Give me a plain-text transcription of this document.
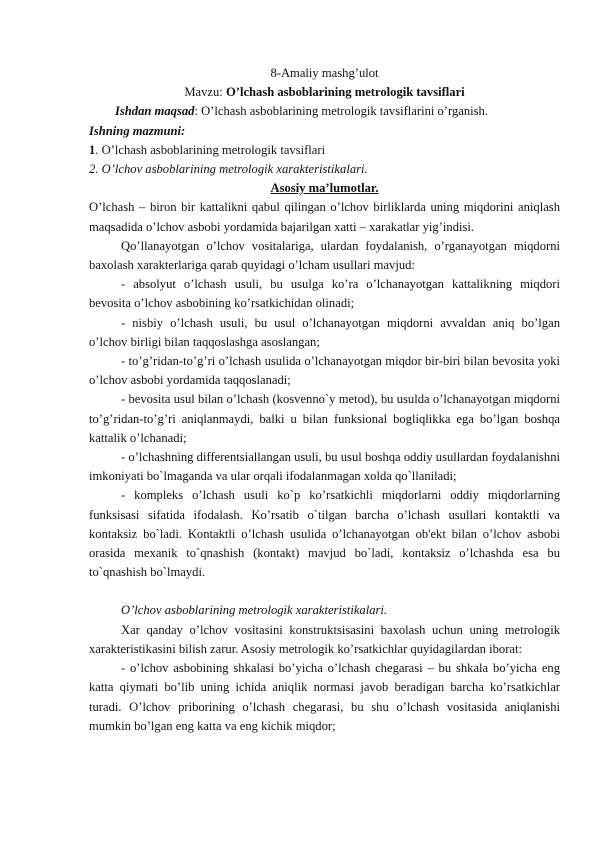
8-Amaliy mashg’ulot

Mavzu: O’lchash asboblarining metrologik tavsiflari

Ishdan maqsad: O’lchash asboblarining metrologik tavsiflarini o’rganish.

Ishning mazmuni:

1. O’lchash asboblarining metrologik tavsiflari

2. O’lchov asboblarining metrologik xarakteristikalari.

Asosiy ma’lumotlar.

O’lchash – biron bir kattalikni qabul qilingan o’lchov birliklarda uning miqdorini aniqlash maqsadida o’lchov asbobi yordamida bajarilgan xatti – xarakatlar yig’indisi.

Qo’llanayotgan o’lchov vositalariga, ulardan foydalanish, o’rganayotgan miqdorni baxolash xarakterlariga qarab quyidagi o’lcham usullari mavjud:

- absolyut o’lchash usuli, bu usulga ko’ra o’lchanayotgan kattalikning miqdori bevosita o’lchov asbobining ko’rsatkichidan olinadi;

- nisbiy o’lchash usuli, bu usul o’lchanayotgan miqdorni avvaldan aniq bo’lgan o’lchov birligi bilan taqqoslashga asoslangan;

- to’g’ridan-to’g’ri o’lchash usulida o’lchanayotgan miqdor bir-biri bilan bevosita yoki o’lchov asbobi yordamida taqqoslanadi;

- bevosita usul bilan o’lchash (kosvenno`y metod), bu usulda o’lchanayotgan miqdorni to’g’ridan-to’g’ri aniqlanmaydi, balki u bilan funksional bogliqlikka ega bo’lgan boshqa kattalik o’lchanadi;

- o’lchashning differentsiallangan usuli, bu usul boshqa oddiy usullardan foydalanishni imkoniyati bo`lmaganda va ular orqali ifodalanmagan xolda qo`llaniladi;

- kompleks o’lchash usuli ko`p ko’rsatkichli miqdorlarni oddiy miqdorlarning funksisasi sifatida ifodalash. Ko’rsatib o`tilgan barcha o’lchash usullari kontaktli va kontaksiz bo`ladi. Kontaktli o’lchash usulida o’lchanayotgan ob'ekt bilan o’lchov asbobi orasida mexanik to`qnashish (kontakt) mavjud bo`ladi, kontaksiz o’lchashda esa bu to`qnashish bo`lmaydi.

O’lchov asboblarining metrologik xarakteristikalari.

Xar qanday o’lchov vositasini konstruktsisasini baxolash uchun uning metrologik xarakteristikasini bilish zarur. Asosiy metrologik ko’rsatkichlar quyidagilardan iborat:

- o’lchov asbobining shkalasi bo’yicha o’lchash chegarasi – bu shkala bo’yicha eng katta qiymati bo’lib uning ichida aniqlik normasi javob beradigan barcha ko’rsatkichlar turadi. O’lchov priborining o’lchash chegarasi, bu shu o’lchash vositasida aniqlanishi mumkin bo’lgan eng katta va eng kichik miqdor;
